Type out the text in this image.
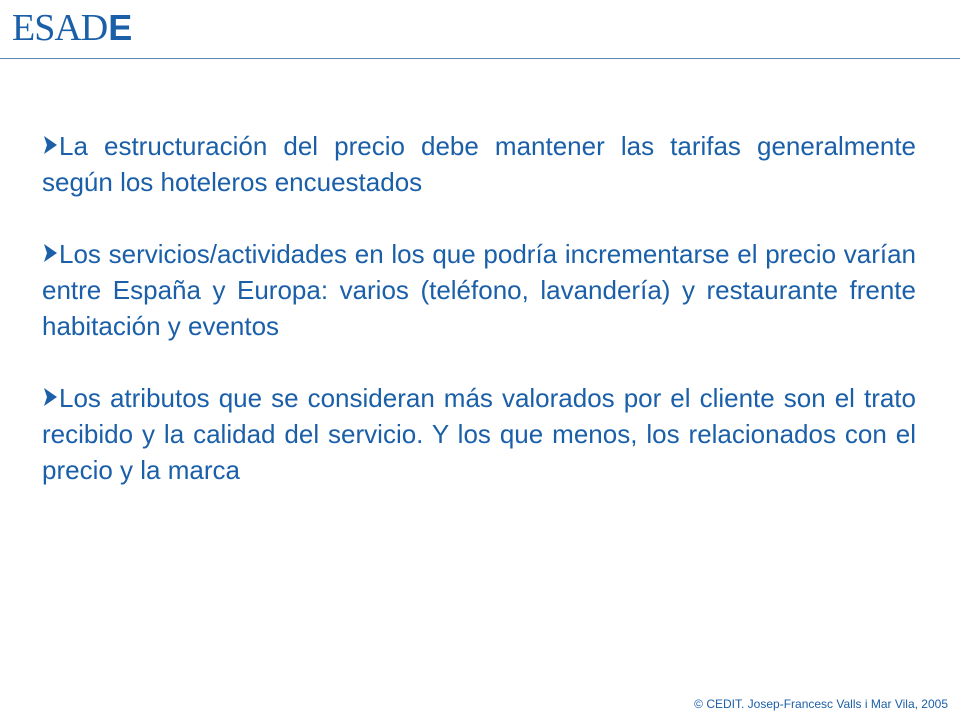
ESAD E

La estructuración del precio debe mantener las tarifas generalmente según los hoteleros encuestados

Los servicios/actividades en los que podría incrementarse el precio varían entre España y Europa: varios (teléfono, lavandería) y restaurante frente habitación y eventos

Los atributos que se consideran más valorados por el cliente son el trato recibido y la calidad del servicio. Y los que menos, los relacionados con el precio y la marca

© CEDIT. Josep-Francesc Valls i Mar Vila, 2005
